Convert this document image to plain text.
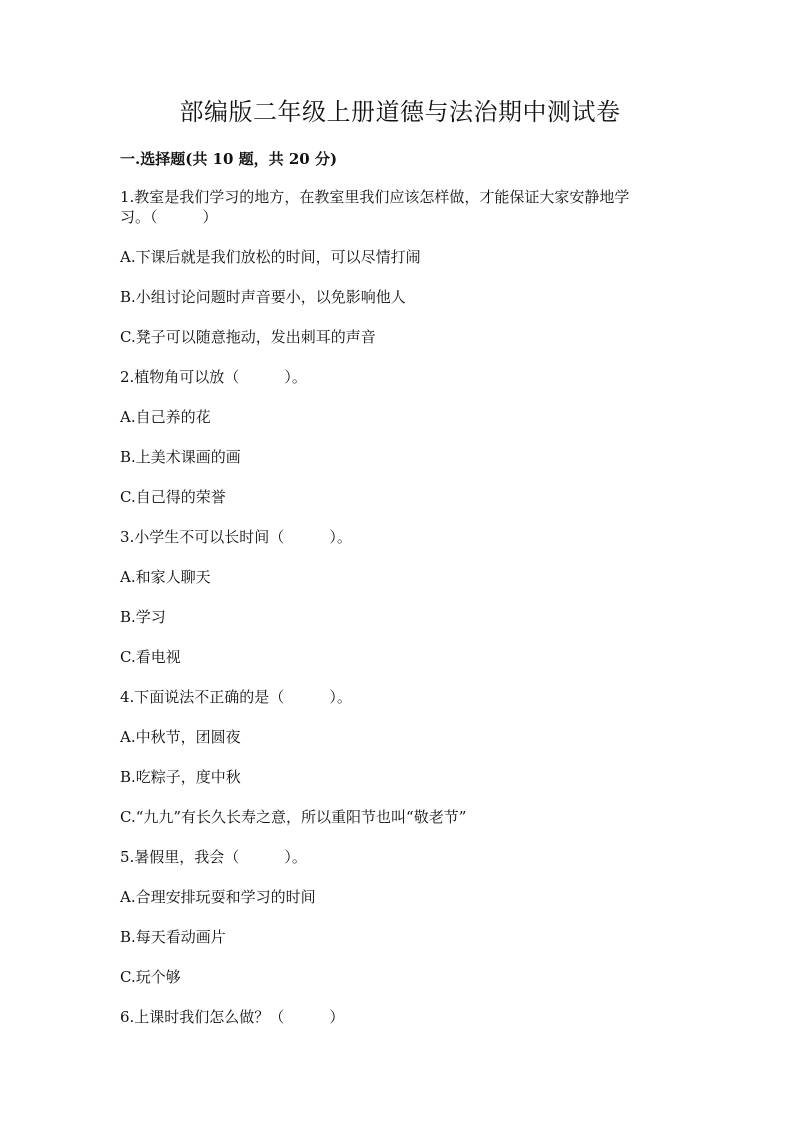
部编版二年级上册道德与法治期中测试卷
一.选择题(共 10 题，共 20 分)

1.教室是我们学习的地方，在教室里我们应该怎样做，才能保证大家安静地学

习。（　　　）

A.下课后就是我们放松的时间，可以尽情打闹

B.小组讨论问题时声音要小，以免影响他人

C.凳子可以随意拖动，发出刺耳的声音

2.植物角可以放（　　　）。

A.自己养的花

B.上美术课画的画

C.自己得的荣誉

3.小学生不可以长时间（　　　）。

A.和家人聊天

B.学习

C.看电视

4.下面说法不正确的是（　　　）。

A.中秋节，团圆夜

B.吃粽子，度中秋

C.“九九”有长久长寿之意，所以重阳节也叫“敬老节”

5.暑假里，我会（　　　）。

A.合理安排玩耍和学习的时间

B.每天看动画片

C.玩个够

6.上课时我们怎么做？（　　　）
